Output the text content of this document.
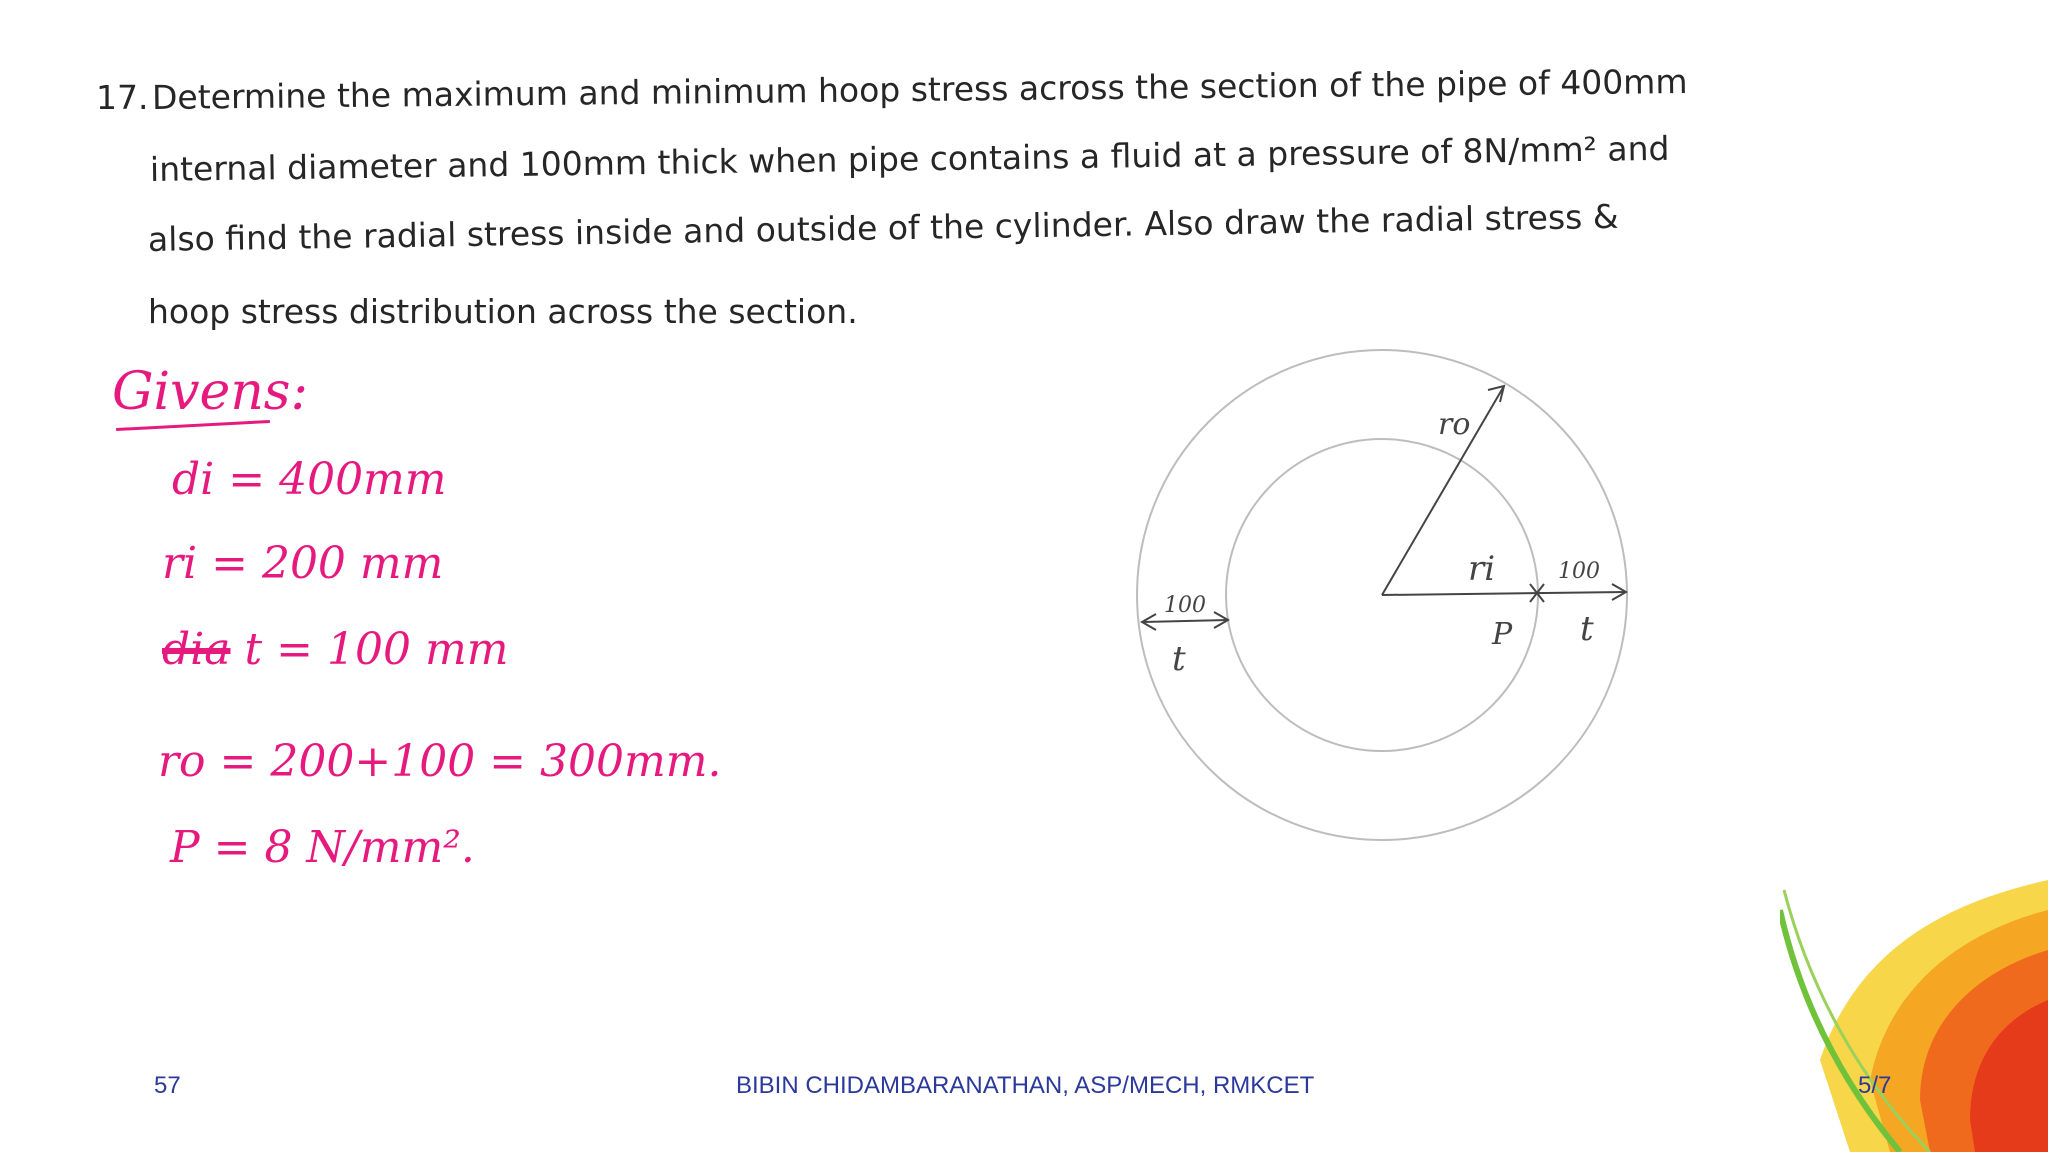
17. Determine the maximum and minimum hoop stress across the section of the pipe of 400mm
internal diameter and 100mm thick when pipe contains a fluid at a pressure of 8N/mm² and
also find the radial stress inside and outside of the cylinder. Also draw the radial stress &
hoop stress distribution across the section.
Givens:
di = 400mm
ri = 200 mm
dia t = 100 mm
ro = 200+100 = 300mm.
P = 8 N/mm².
ro
ri
P
100
t
100
t
57	BIBIN CHIDAMBARANATHAN, ASP/MECH, RMKCET	5/7
